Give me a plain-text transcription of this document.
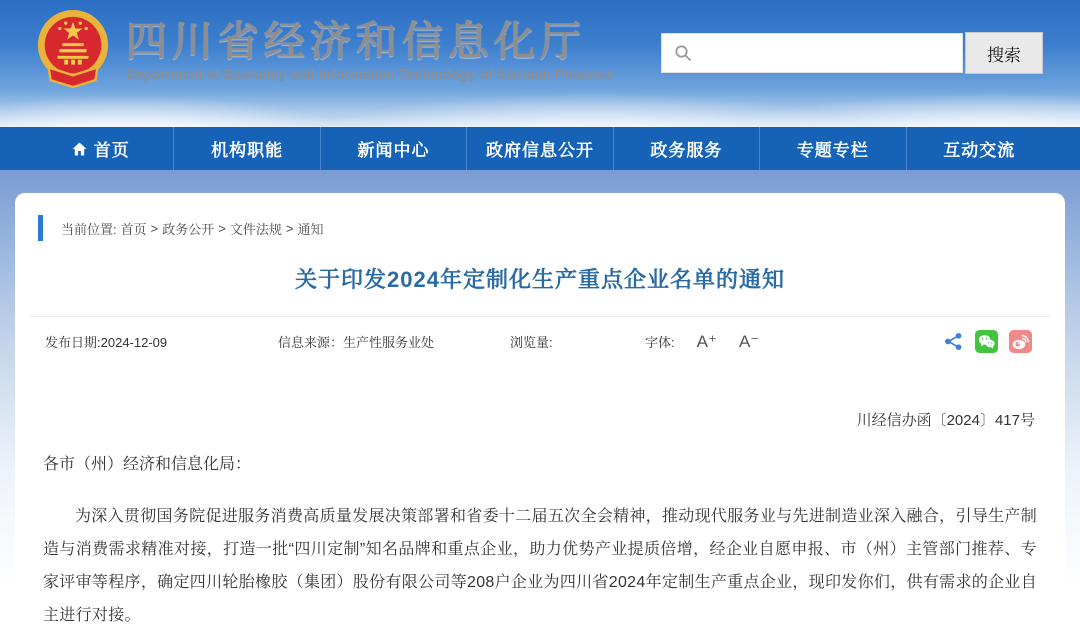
四川省经济和信息化厅
Department of Economy and Information Technology of Sichuan Province
搜索
首页	机构职能	新闻中心	政府信息公开	政务服务	专题专栏	互动交流
当前位置: 首页 > 政务公开 > 文件法规 > 通知
关于印发2024年定制化生产重点企业名单的通知
发布日期:2024-12-09	信息来源：生产性服务业处	浏览量:	字体: A⁺ A⁻
川经信办函〔2024〕417号
各市（州）经济和信息化局：

为深入贯彻国务院促进服务消费高质量发展决策部署和省委十二届五次全会精神，推动现代服务业与先进制造业深入融合，引导生产制造与消费需求精准对接，打造一批“四川定制”知名品牌和重点企业，助力优势产业提质倍增，经企业自愿申报、市（州）主管部门推荐、专家评审等程序，确定四川轮胎橡胶（集团）股份有限公司等208户企业为四川省2024年定制生产重点企业，现印发你们，供有需求的企业自主进行对接。
